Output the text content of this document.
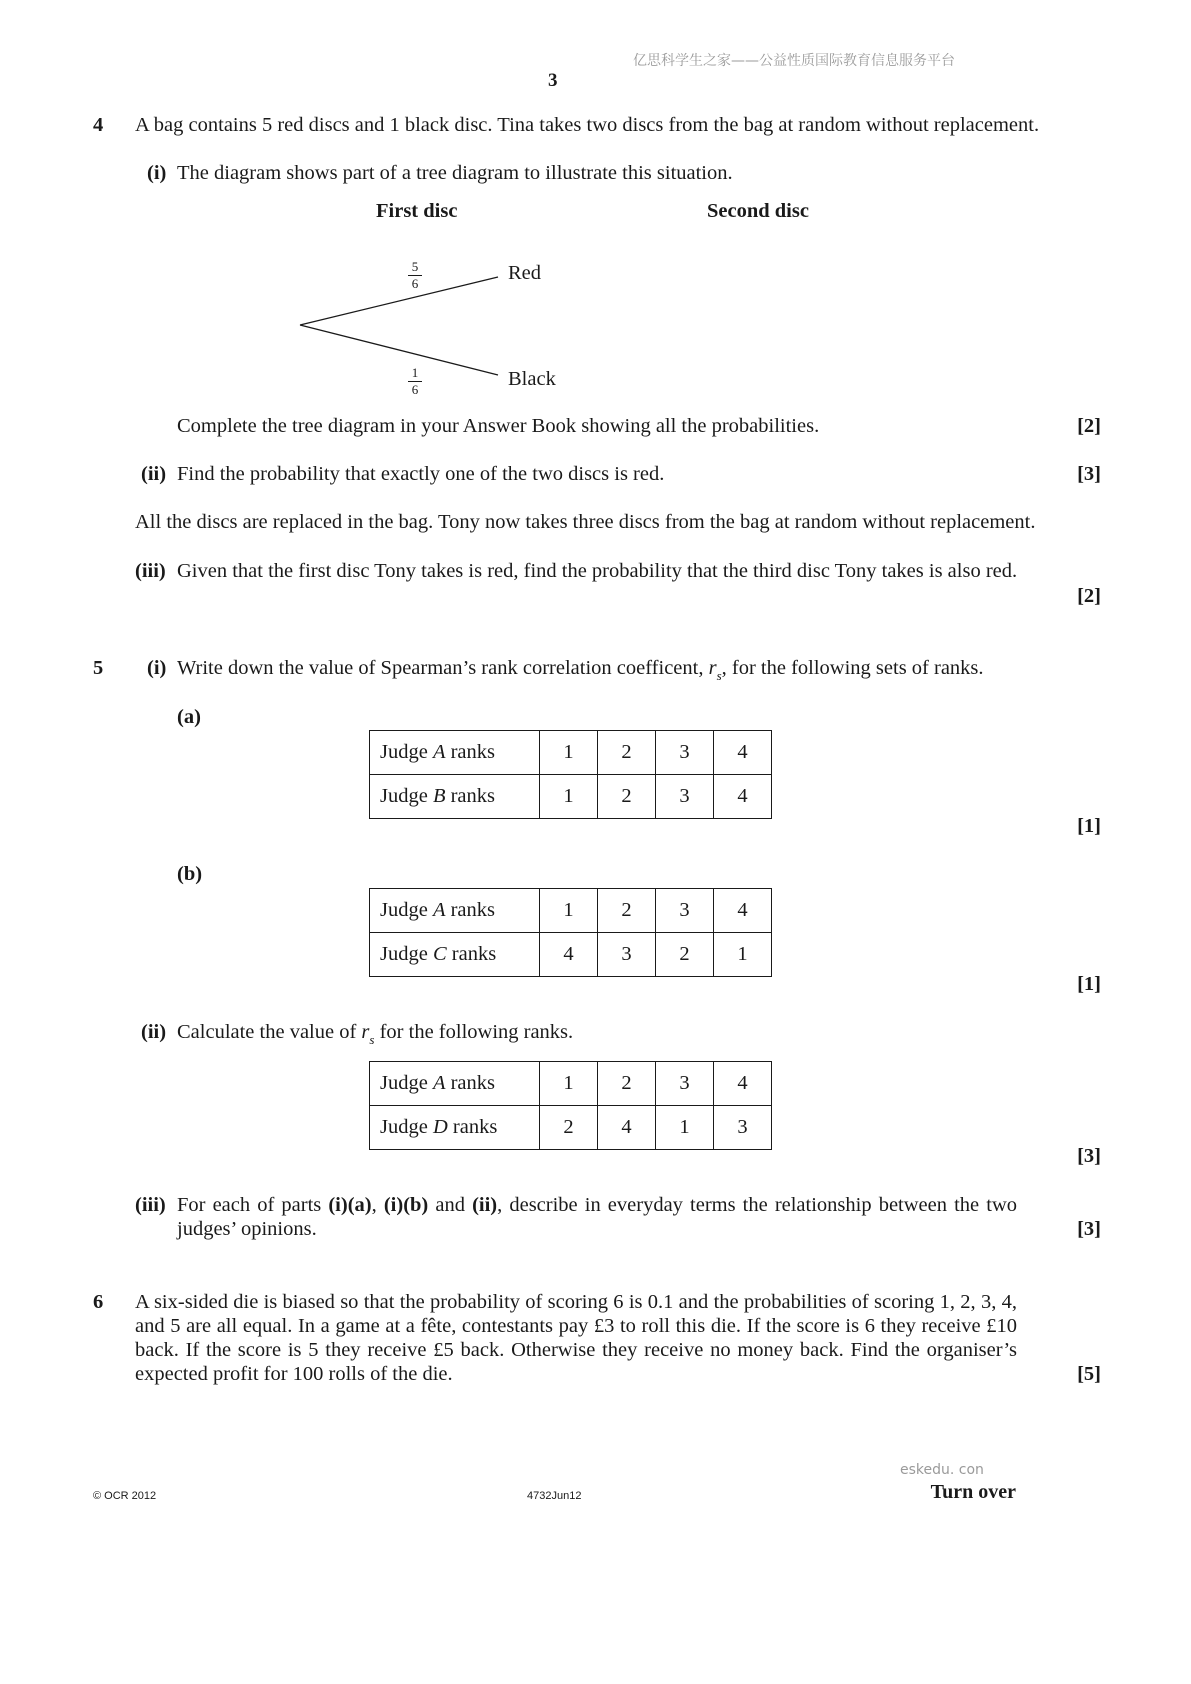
亿思科学生之家——公益性质国际教育信息服务平台
3
4 A bag contains 5 red discs and 1 black disc. Tina takes two discs from the bag at random without replacement.
(i) The diagram shows part of a tree diagram to illustrate this situation.
First disc	Second disc
5
6
1
6
Red
Black
Complete the tree diagram in your Answer Book showing all the probabilities.	[2]
(ii) Find the probability that exactly one of the two discs is red.	[3]
All the discs are replaced in the bag. Tony now takes three discs from the bag at random without replacement.
(iii) Given that the first disc Tony takes is red, find the probability that the third disc Tony takes is also red.
[2]
5 (i) Write down the value of Spearman’s rank correlation coefficent, $r_s$, for the following sets of ranks.
(a)
Judge A ranks	1	2	3	4
Judge B ranks	1	2	3	4
[1]
(b)
Judge A ranks	1	2	3	4
Judge C ranks	4	3	2	1
[1]
(ii) Calculate the value of $r_s$ for the following ranks.
Judge A ranks	1	2	3	4
Judge D ranks	2	4	1	3
[3]
(iii) For each of parts (i)(a), (i)(b) and (ii), describe in everyday terms the relationship between the two
judges’ opinions.	[3]
6 A six-sided die is biased so that the probability of scoring 6 is 0.1 and the probabilities of scoring 1, 2, 3, 4,
and 5 are all equal. In a game at a fête, contestants pay £3 to roll this die. If the score is 6 they receive £10
back. If the score is 5 they receive £5 back. Otherwise they receive no money back. Find the organiser’s
expected profit for 100 rolls of the die.	[5]
eskedu. con
© OCR 2012	4732Jun12	Turn over
